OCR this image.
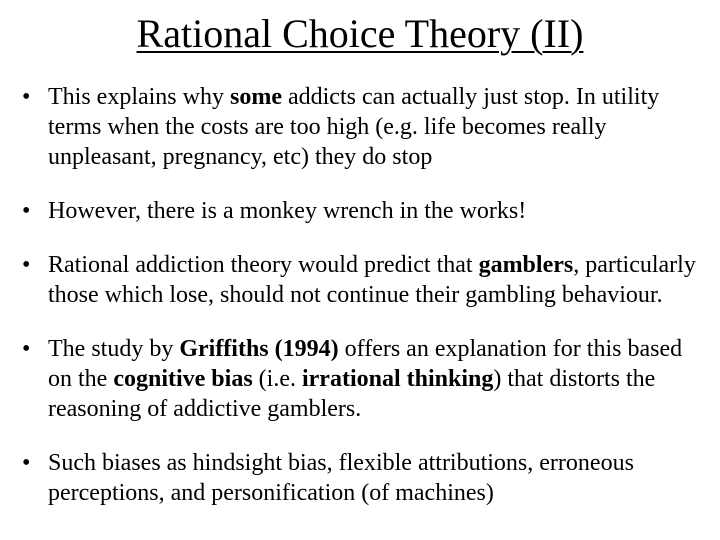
Rational Choice Theory (II)
• This explains why some addicts can actually just stop. In utility terms when the costs are too high (e.g. life becomes really unpleasant, pregnancy, etc) they do stop
• However, there is a monkey wrench in the works!
• Rational addiction theory would predict that gamblers, particularly those which lose, should not continue their gambling behaviour.
• The study by Griffiths (1994) offers an explanation for this based on the cognitive bias (i.e. irrational thinking) that distorts the reasoning of addictive gamblers.
• Such biases as hindsight bias, flexible attributions, erroneous perceptions, and personification (of machines)
